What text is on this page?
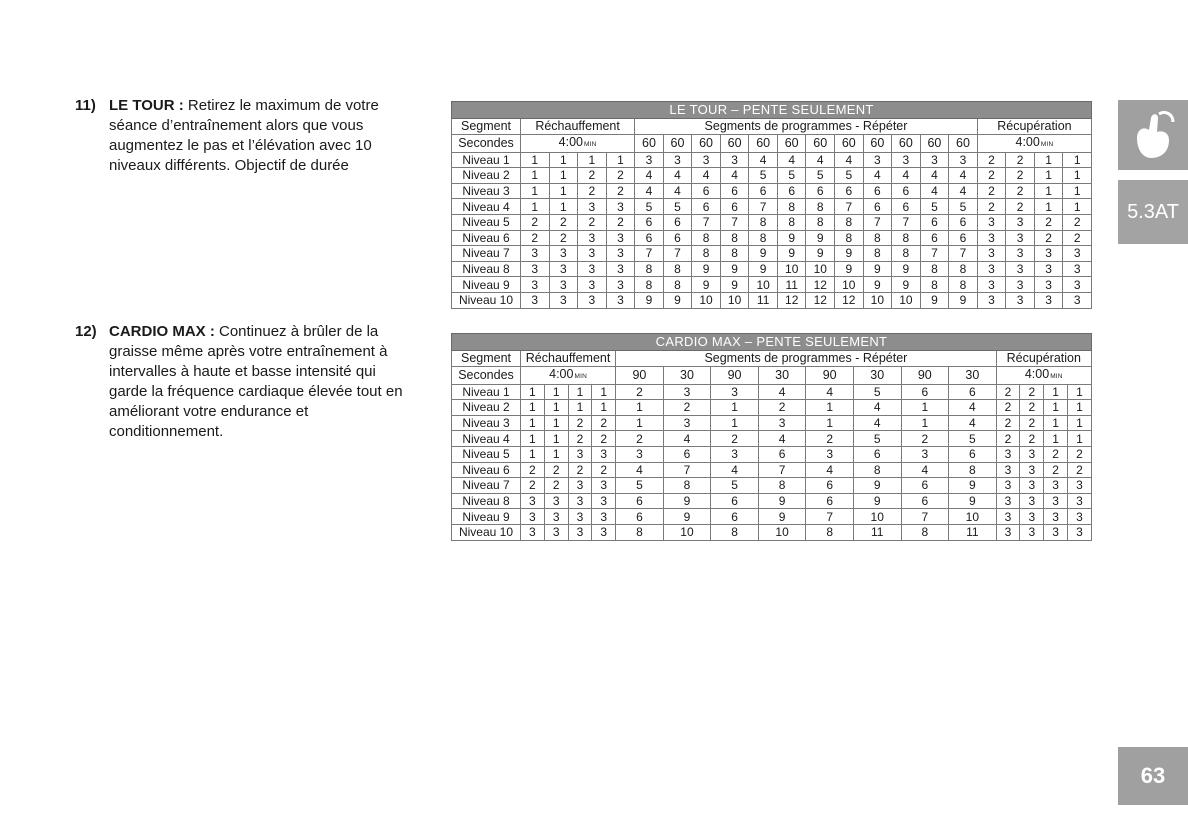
11) LE TOUR : Retirez le maximum de votre séance d’entraînement alors que vous augmentez le pas et l’élévation avec 10 niveaux différents. Objectif de durée
12) CARDIO MAX : Continuez à brûler de la graisse même après votre entraînement à intervalles à haute et basse intensité qui garde la fréquence cardiaque élevée tout en améliorant votre endurance et conditionnement.
LE TOUR – PENTE SEULEMENT																				
Segment	Réchauffement				Segments de programmes - Répéter												Récupération			
Secondes	4:00MIN				60	60	60	60	60	60	60	60	60	60	60	60	4:00MIN			
Niveau 1	1	1	1	1	3	3	3	3	4	4	4	4	3	3	3	3	2	2	1	1
Niveau 2	1	1	2	2	4	4	4	4	5	5	5	5	4	4	4	4	2	2	1	1
Niveau 3	1	1	2	2	4	4	6	6	6	6	6	6	6	6	4	4	2	2	1	1
Niveau 4	1	1	3	3	5	5	6	6	7	8	8	7	6	6	5	5	2	2	1	1
Niveau 5	2	2	2	2	6	6	7	7	8	8	8	8	7	7	6	6	3	3	2	2
Niveau 6	2	2	3	3	6	6	8	8	8	9	9	8	8	8	6	6	3	3	2	2
Niveau 7	3	3	3	3	7	7	8	8	9	9	9	9	8	8	7	7	3	3	3	3
Niveau 8	3	3	3	3	8	8	9	9	9	10	10	9	9	9	8	8	3	3	3	3
Niveau 9	3	3	3	3	8	8	9	9	10	11	12	10	9	9	8	8	3	3	3	3
Niveau 10	3	3	3	3	9	9	10	10	11	12	12	12	10	10	9	9	3	3	3	3
CARDIO MAX – PENTE SEULEMENT																
Segment	Réchauffement				Segments de programmes - Répéter								Récupération			
Secondes	4:00MIN				90	30	90	30	90	30	90	30	4:00MIN			
Niveau 1	1	1	1	1	2	3	3	4	4	5	6	6	2	2	1	1
Niveau 2	1	1	1	1	1	2	1	2	1	4	1	4	2	2	1	1
Niveau 3	1	1	2	2	1	3	1	3	1	4	1	4	2	2	1	1
Niveau 4	1	1	2	2	2	4	2	4	2	5	2	5	2	2	1	1
Niveau 5	1	1	3	3	3	6	3	6	3	6	3	6	3	3	2	2
Niveau 6	2	2	2	2	4	7	4	7	4	8	4	8	3	3	2	2
Niveau 7	2	2	3	3	5	8	5	8	6	9	6	9	3	3	3	3
Niveau 8	3	3	3	3	6	9	6	9	6	9	6	9	3	3	3	3
Niveau 9	3	3	3	3	6	9	6	9	7	10	7	10	3	3	3	3
Niveau 10	3	3	3	3	8	10	8	10	8	11	8	11	3	3	3	3
5.3AT
63
